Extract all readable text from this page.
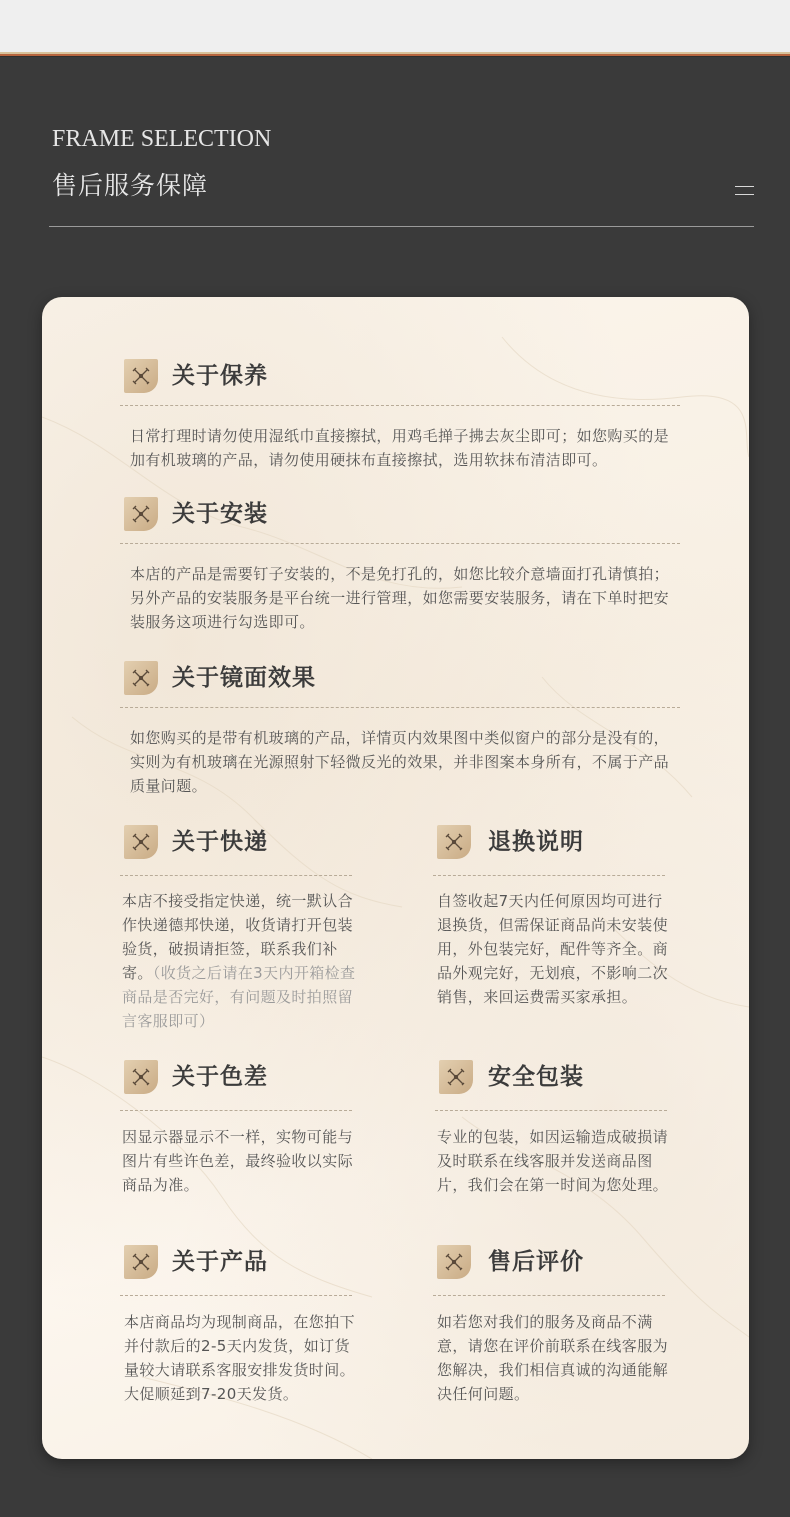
FRAME SELECTION
售后服务保障
关于保养
日常打理时请勿使用湿纸巾直接擦拭，用鸡毛掸子拂去灰尘即可；如您购买的是加有机玻璃的产品，请勿使用硬抹布直接擦拭，选用软抹布清洁即可。
关于安装
本店的产品是需要钉子安装的，不是免打孔的，如您比较介意墙面打孔请慎拍；另外产品的安装服务是平台统一进行管理，如您需要安装服务，请在下单时把安装服务这项进行勾选即可。
关于镜面效果
如您购买的是带有机玻璃的产品，详情页内效果图中类似窗户的部分是没有的，实则为有机玻璃在光源照射下轻微反光的效果，并非图案本身所有，不属于产品质量问题。
关于快递
本店不接受指定快递，统一默认合作快递德邦快递，收货请打开包装验货，破损请拒签，联系我们补寄。（收货之后请在3天内开箱检查商品是否完好，有问题及时拍照留言客服即可）
退换说明
自签收起7天内任何原因均可进行退换货，但需保证商品尚未安装使用，外包装完好，配件等齐全。商品外观完好，无划痕，不影响二次销售，来回运费需买家承担。
关于色差
因显示器显示不一样，实物可能与图片有些许色差，最终验收以实际商品为准。
安全包装
专业的包装，如因运输造成破损请及时联系在线客服并发送商品图片，我们会在第一时间为您处理。
关于产品
本店商品均为现制商品，在您拍下并付款后的2-5天内发货，如订货量较大请联系客服安排发货时间。大促顺延到7-20天发货。
售后评价
如若您对我们的服务及商品不满意，请您在评价前联系在线客服为您解决，我们相信真诚的沟通能解决任何问题。
